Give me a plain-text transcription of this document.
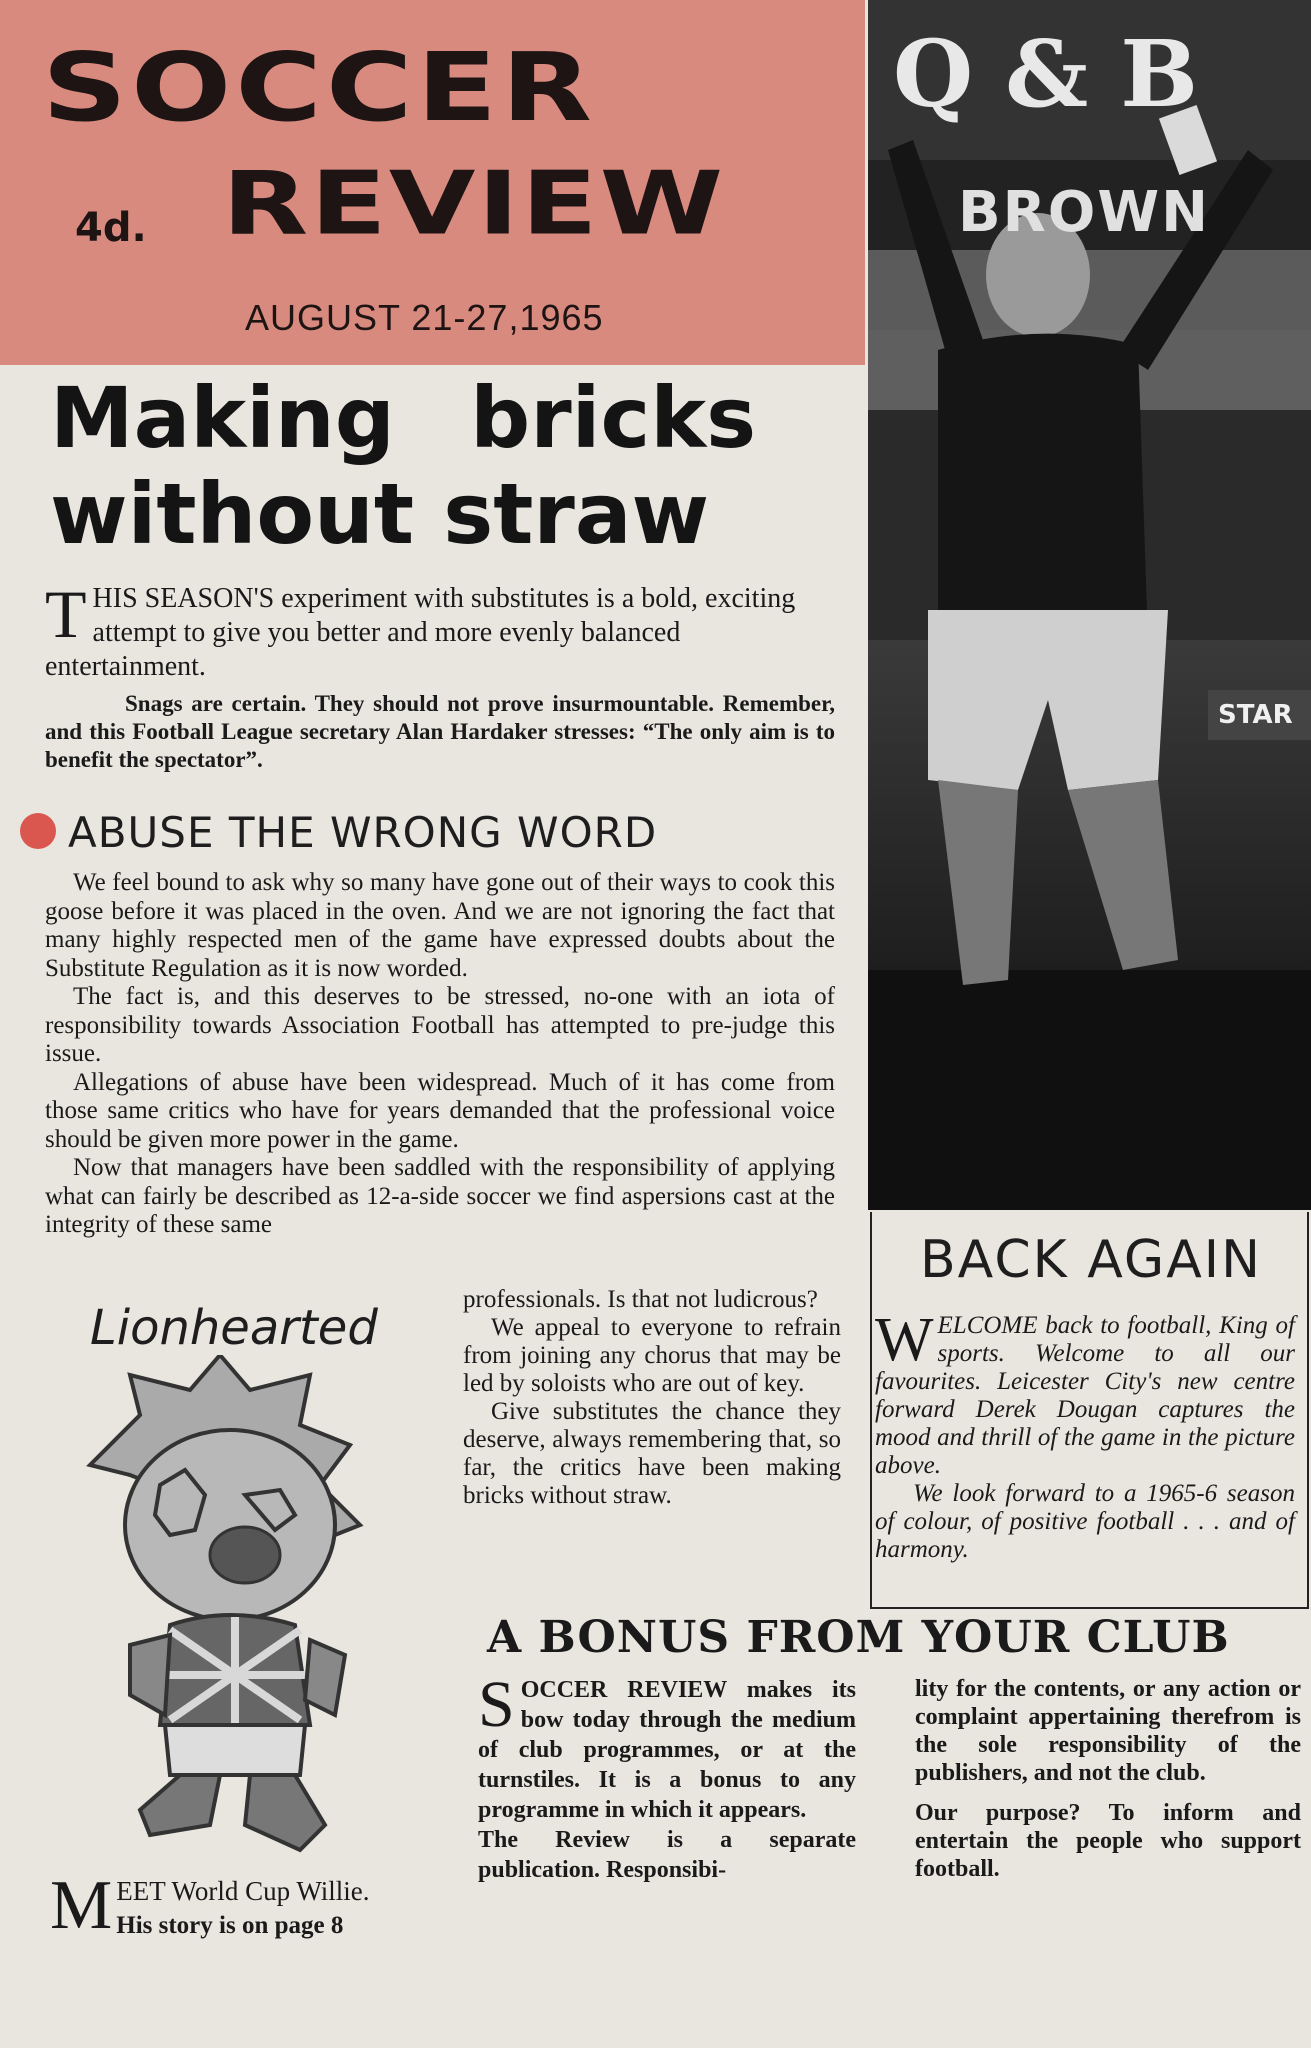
SOCCER
4d. REVIEW
AUGUST 21-27,1965
Q & B
BROWN
STAR
Making bricks
without straw
THIS SEASON'S experiment with substitutes is a bold, exciting attempt to give you better and more evenly balanced entertainment.
Snags are certain. They should not prove insurmountable. Remember, and this Football League secretary Alan Hardaker stresses: “The only aim is to benefit the spectator”.
ABUSE THE WRONG WORD

We feel bound to ask why so many have gone out of their ways to cook this goose before it was placed in the oven. And we are not ignoring the fact that many highly respected men of the game have expressed doubts about the Substitute Regulation as it is now worded.

The fact is, and this deserves to be stressed, no-one with an iota of responsibility towards Association Football has attempted to pre-judge this issue.

Allegations of abuse have been widespread. Much of it has come from those same critics who have for years demanded that the professional voice should be given more power in the game.

Now that managers have been saddled with the responsibility of applying what can fairly be described as 12-a-side soccer we find aspersions cast at the integrity of these same

professionals. Is that not ludicrous?

We appeal to everyone to refrain from joining any chorus that may be led by soloists who are out of key.

Give substitutes the chance they deserve, always remembering that, so far, the critics have been making bricks without straw.

Lionhearted
MEET World Cup Willie.
His story is on page 8
BACK AGAIN

WELCOME back to football, King of sports. Welcome to all our favourites. Leicester City's new centre forward Derek Dougan captures the mood and thrill of the game in the picture above.

We look forward to a 1965-6 season of colour, of positive football . . . and of harmony.

A BONUS FROM YOUR CLUB

SOCCER REVIEW makes its bow today through the medium of club programmes, or at the turnstiles. It is a bonus to any programme in which it appears.

The Review is a separate publication. Responsibi-

lity for the contents, or any action or complaint appertaining therefrom is the sole responsibility of the publishers, and not the club.

Our purpose? To inform and entertain the people who support football.
